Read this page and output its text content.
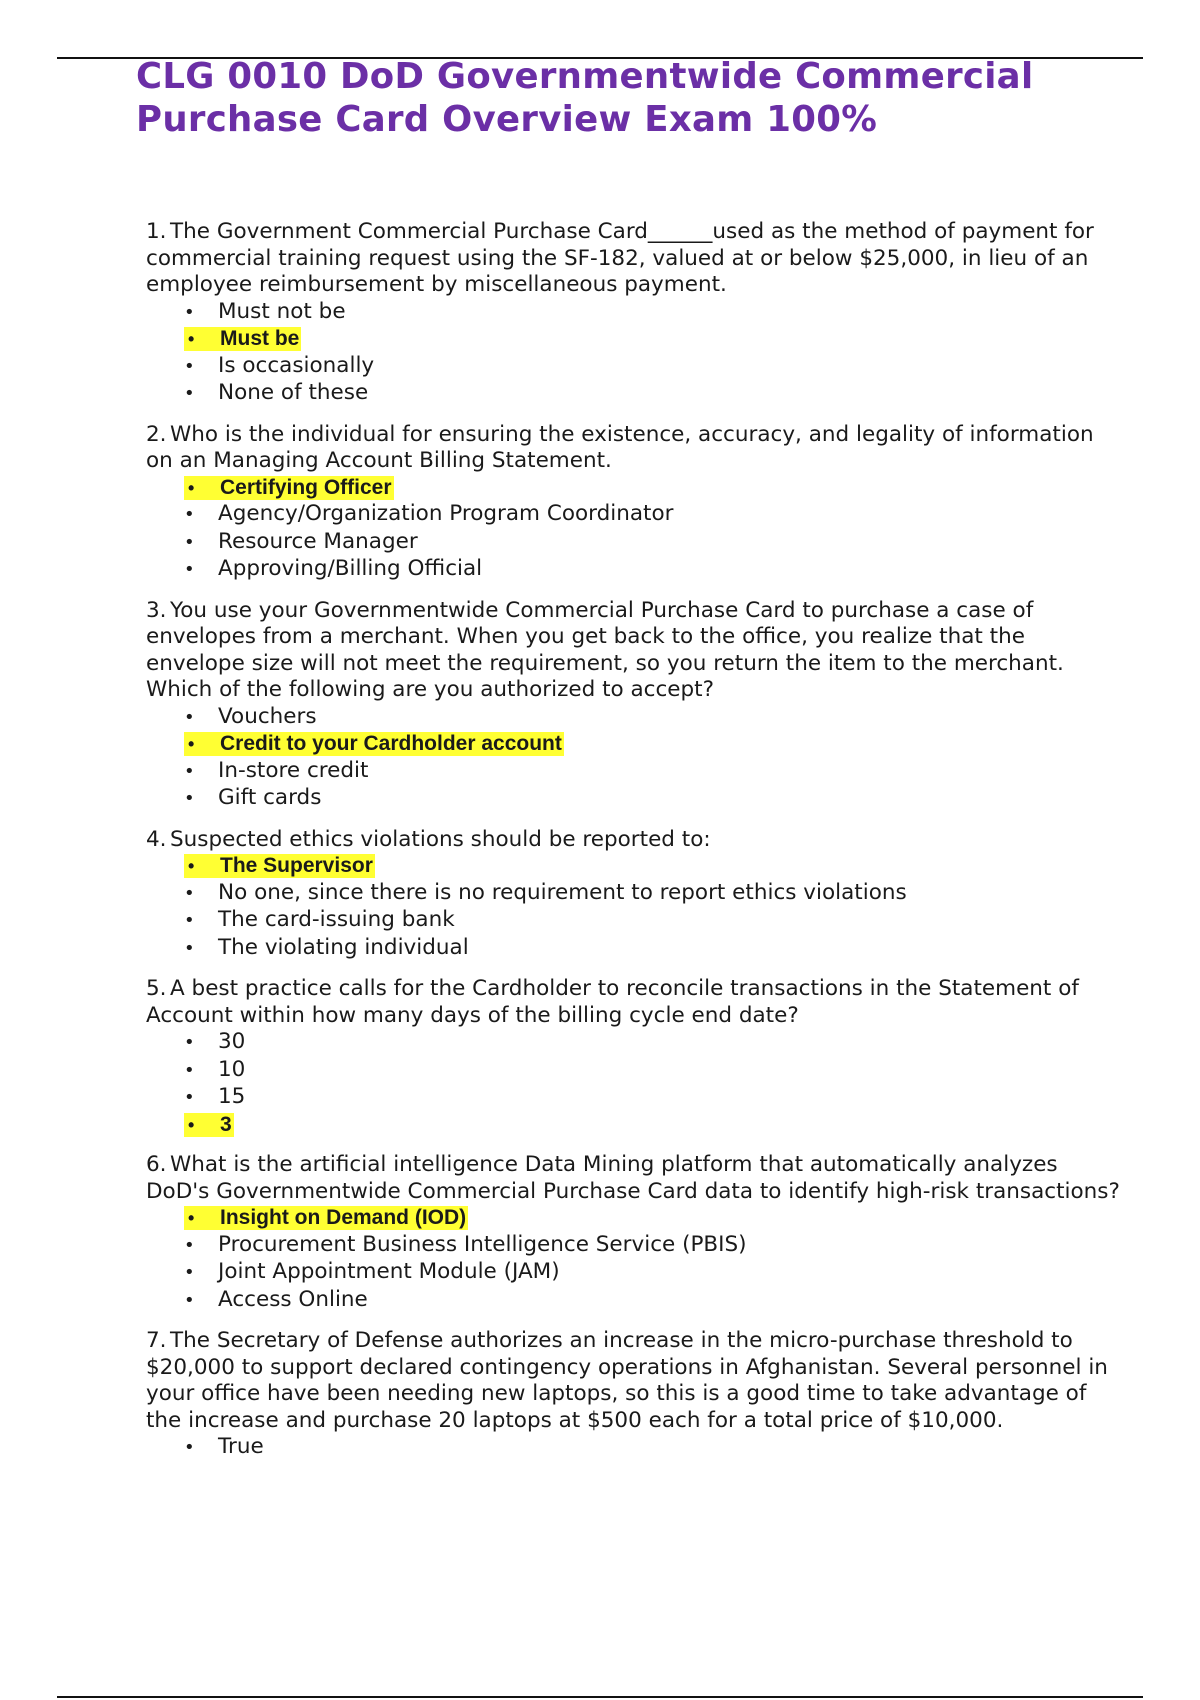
CLG 0010 DoD Governmentwide Commercial Purchase Card Overview Exam 100%

1. The Government Commercial Purchase Card______used as the method of payment for commercial training request using the SF-182, valued at or below $25,000, in lieu of an employee reimbursement by miscellaneous payment.

• Must not be
• Must be
• Is occasionally
• None of these

2. Who is the individual for ensuring the existence, accuracy, and legality of information on an Managing Account Billing Statement.

• Certifying Officer
• Agency/Organization Program Coordinator
• Resource Manager
• Approving/Billing Official

3. You use your Governmentwide Commercial Purchase Card to purchase a case of envelopes from a merchant. When you get back to the office, you realize that the envelope size will not meet the requirement, so you return the item to the merchant. Which of the following are you authorized to accept?

• Vouchers
• Credit to your Cardholder account
• In-store credit
• Gift cards

4. Suspected ethics violations should be reported to:

• The Supervisor
• No one, since there is no requirement to report ethics violations
• The card-issuing bank
• The violating individual

5. A best practice calls for the Cardholder to reconcile transactions in the Statement of Account within how many days of the billing cycle end date?

• 30
• 10
• 15
• 3

6. What is the artificial intelligence Data Mining platform that automatically analyzes DoD's Governmentwide Commercial Purchase Card data to identify high-risk transactions?

• Insight on Demand (IOD)
• Procurement Business Intelligence Service (PBIS)
• Joint Appointment Module (JAM)
• Access Online

7. The Secretary of Defense authorizes an increase in the micro-purchase threshold to $20,000 to support declared contingency operations in Afghanistan. Several personnel in your office have been needing new laptops, so this is a good time to take advantage of the increase and purchase 20 laptops at $500 each for a total price of $10,000.

• True
